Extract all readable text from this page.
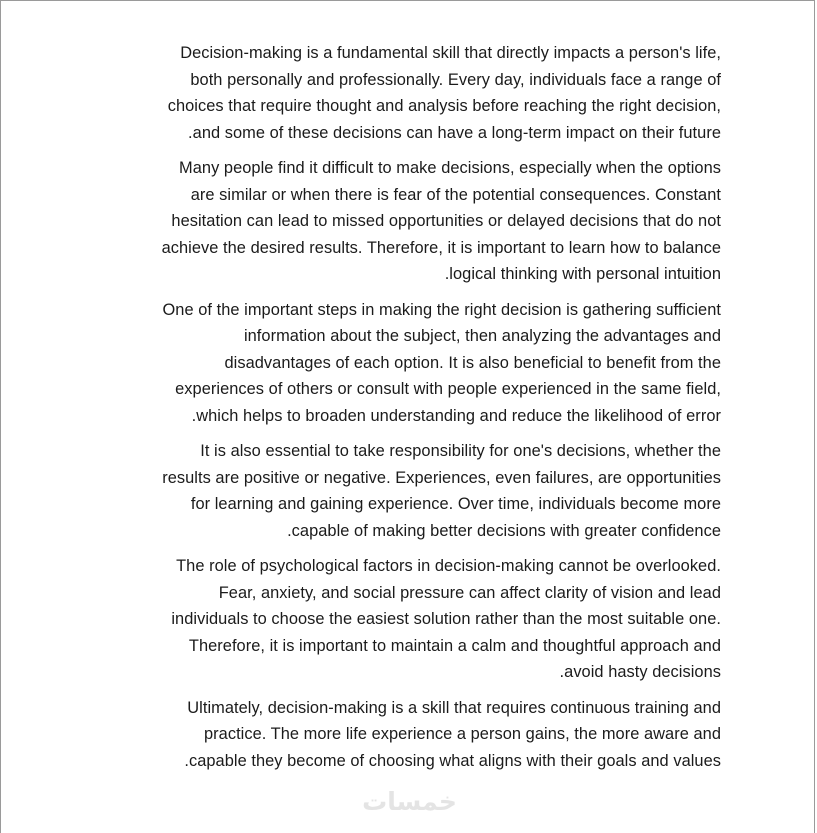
Decision-making is a fundamental skill that directly impacts a person's life,
both personally and professionally. Every day, individuals face a range of
choices that require thought and analysis before reaching the right decision,
.and some of these decisions can have a long-term impact on their future

Many people find it difficult to make decisions, especially when the options
are similar or when there is fear of the potential consequences. Constant
hesitation can lead to missed opportunities or delayed decisions that do not
achieve the desired results. Therefore, it is important to learn how to balance
.logical thinking with personal intuition

One of the important steps in making the right decision is gathering sufficient
information about the subject, then analyzing the advantages and
disadvantages of each option. It is also beneficial to benefit from the
experiences of others or consult with people experienced in the same field,
.which helps to broaden understanding and reduce the likelihood of error

It is also essential to take responsibility for one's decisions, whether the
results are positive or negative. Experiences, even failures, are opportunities
for learning and gaining experience. Over time, individuals become more
.capable of making better decisions with greater confidence

The role of psychological factors in decision-making cannot be overlooked.
Fear, anxiety, and social pressure can affect clarity of vision and lead
individuals to choose the easiest solution rather than the most suitable one.
Therefore, it is important to maintain a calm and thoughtful approach and
.avoid hasty decisions

Ultimately, decision-making is a skill that requires continuous training and
practice. The more life experience a person gains, the more aware and
.capable they become of choosing what aligns with their goals and values

خمسات
